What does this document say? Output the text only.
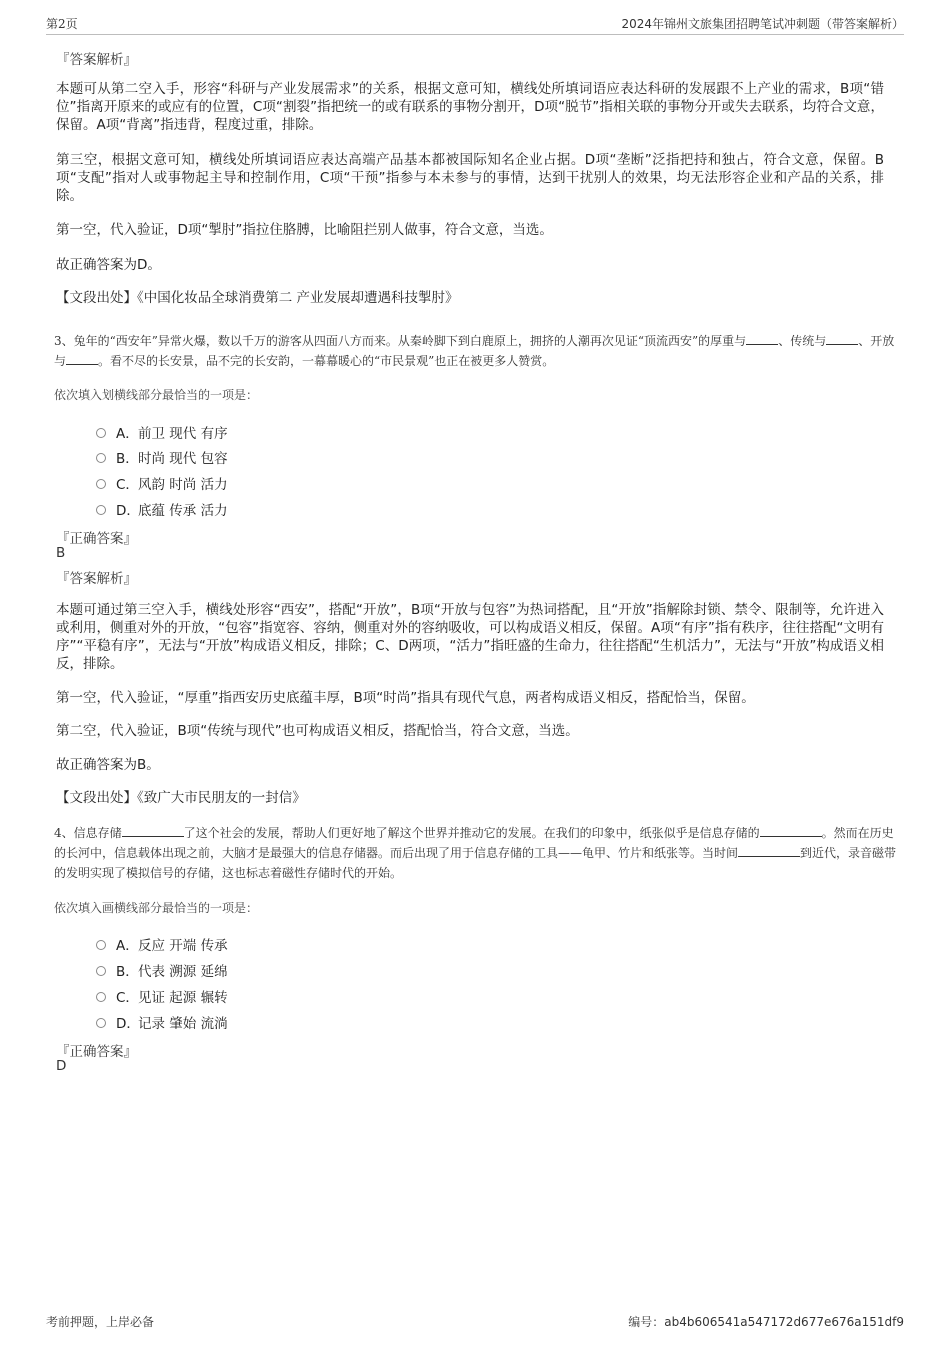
第2页	2024年锦州文旅集团招聘笔试冲刺题（带答案解析）
『答案解析』
本题可从第二空入手，形容“科研与产业发展需求”的关系，根据文意可知，横线处所填词语应表达科研的发展跟不上产业的需求，B项“错位”指离开原来的或应有的位置，C项“割裂”指把统一的或有联系的事物分割开，D项“脱节”指相关联的事物分开或失去联系，均符合文意，保留。A项“背离”指违背，程度过重，排除。
第三空，根据文意可知，横线处所填词语应表达高端产品基本都被国际知名企业占据。D项“垄断”泛指把持和独占，符合文意，保留。B项“支配”指对人或事物起主导和控制作用，C项“干预”指参与本未参与的事情，达到干扰别人的效果，均无法形容企业和产品的关系，排除。
第一空，代入验证，D项“掣肘”指拉住胳膊，比喻阻拦别人做事，符合文意，当选。
故正确答案为D。
【文段出处】《中国化妆品全球消费第二 产业发展却遭遇科技掣肘》
3、兔年的“西安年”异常火爆，数以千万的游客从四面八方而来。从秦岭脚下到白鹿原上，拥挤的人潮再次见证“顶流西安”的厚重与	、传统与	、开放与	。看不尽的长安景，品不完的长安韵，一幕幕暖心的“市民景观”也正在被更多人赞赏。
依次填入划横线部分最恰当的一项是：
A． 前卫 现代 有序
B． 时尚 现代 包容
C． 风韵 时尚 活力
D．
底蕴 传承 活力
『正确答案』
B
『答案解析』
本题可通过第三空入手，横线处形容“西安”，搭配“开放”，B项“开放与包容”为热词搭配，且“开放”指解除封锁、禁令、限制等，允许进入或利用，侧重对外的开放，“包容”指宽容、容纳，侧重对外的容纳吸收，可以构成语义相反，保留。A项“有序”指有秩序，往往搭配“文明有序”“平稳有序”，无法与“开放”构成语义相反，排除；C、D两项，“活力”指旺盛的生命力，往往搭配“生机活力”，无法与“开放”构成语义相反，排除。
第一空，代入验证，“厚重”指西安历史底蕴丰厚，B项“时尚”指具有现代气息，两者构成语义相反，搭配恰当，保留。
第二空，代入验证，B项“传统与现代”也可构成语义相反，搭配恰当，符合文意，当选。
故正确答案为B。
【文段出处】《致广大市民朋友的一封信》
4、信息存储	了这个社会的发展，帮助人们更好地了解这个世界并推动它的发展。在我们的印象中，纸张似乎是信息存储的	。然而在历史的长河中，信息载体出现之前，大脑才是最强大的信息存储器。而后出现了用于信息存储的工具——龟甲、竹片和纸张等。当时间	到近代，录音磁带的发明实现了模拟信号的存储，这也标志着磁性存储时代的开始。
依次填入画横线部分最恰当的一项是：
A． 反应 开端 传承
B． 代表 溯源 延绵
C． 见证 起源 辗转
D．
记录 肇始 流淌
『正确答案』
D
考前押题，上岸必备	编号：ab4b606541a547172d677e676a151df9
